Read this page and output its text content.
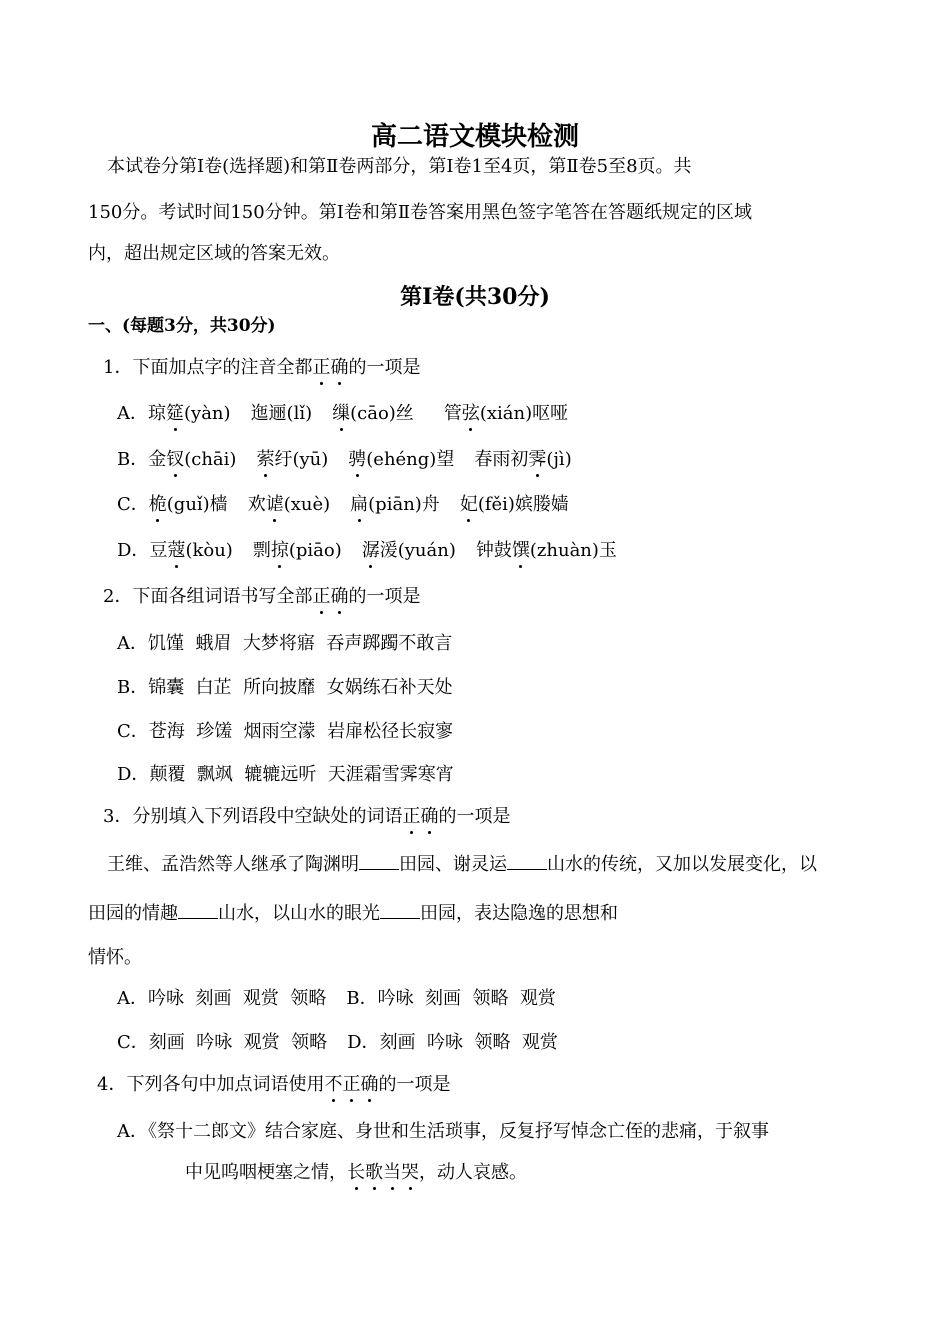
高二语文模块检测
本试卷分第Ⅰ卷(选择题)和第Ⅱ卷两部分，第Ⅰ卷1至4页，第Ⅱ卷5至8页。共
150分。考试时间150分钟。第Ⅰ卷和第Ⅱ卷答案用黑色签字笔答在答题纸规定的区域
内，超出规定区域的答案无效。
第Ⅰ卷(共30分)
一、(每题3分，共30分)
1．下面加点字的注音全都正确的一项是
A．琼筵(yàn) 迤逦(lǐ) 缫(cāo)丝 管弦(xián)呕哑
B．金钗(chāi) 萦纡(yū) 骋(ehéng)望 春雨初霁(jì)
C．桅(guǐ)樯 欢谑(xuè) 扁(piān)舟 妃(fěi)嫔媵嫱
D．豆蔻(kòu) 剽掠(piāo) 潺湲(yuán) 钟鼓馔(zhuàn)玉
2．下面各组词语书写全部正确的一项是
A．饥馑  蛾眉  大梦将寤  吞声踯躅不敢言
B．锦囊  白芷  所向披靡  女娲练石补天处
C．苍海  珍馐  烟雨空濛  岩扉松径长寂寥
D．颠覆  飘飒  辘辘远听  天涯霜雪霁寒宵
3．分别填入下列语段中空缺处的词语正确的一项是
王维、孟浩然等人继承了陶渊明 田园、谢灵运 山水的传统，又加以发展变化，以
田园的情趣 山水，以山水的眼光 田园，表达隐逸的思想和
情怀。
A．吟咏  刻画  观赏  领略 B．吟咏  刻画  领略  观赏
C．刻画  吟咏  观赏  领略 D．刻画  吟咏  领略  观赏
4．下列各句中加点词语使用不正确的一项是
A．《祭十二郎文》结合家庭、身世和生活琐事，反复抒写悼念亡侄的悲痛，于叙事
中见呜咽梗塞之情，长歌当哭，动人哀感。
